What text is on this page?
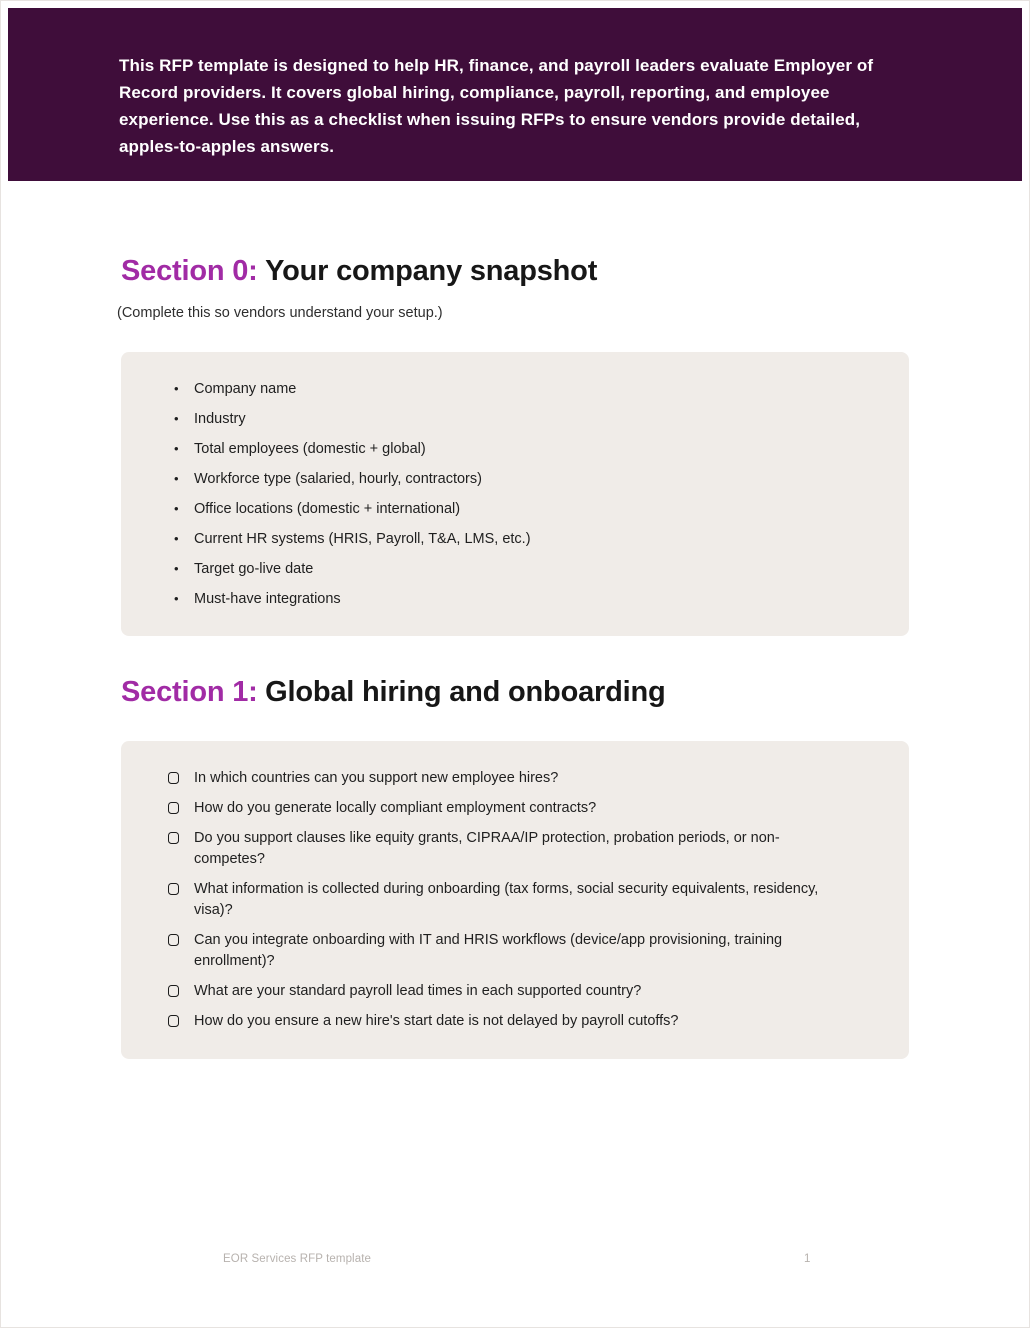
This RFP template is designed to help HR, finance, and payroll leaders evaluate Employer of Record providers. It covers global hiring, compliance, payroll, reporting, and employee experience. Use this as a checklist when issuing RFPs to ensure vendors provide detailed, apples-to-apples answers.

Section 0: Your company snapshot

(Complete this so vendors understand your setup.)

• Company name
• Industry
• Total employees (domestic + global)
• Workforce type (salaried, hourly, contractors)
• Office locations (domestic + international)
• Current HR systems (HRIS, Payroll, T&A, LMS, etc.)
• Target go-live date
• Must-have integrations
Section 1: Global hiring and onboarding
In which countries can you support new employee hires?
How do you generate locally compliant employment contracts?
Do you support clauses like equity grants, CIPRAA/IP protection, probation periods, or non-competes?
What information is collected during onboarding (tax forms, social security equivalents, residency, visa)?
Can you integrate onboarding with IT and HRIS workflows (device/app provisioning, training enrollment)?
What are your standard payroll lead times in each supported country?
How do you ensure a new hire's start date is not delayed by payroll cutoffs?
EOR Services RFP template	1
